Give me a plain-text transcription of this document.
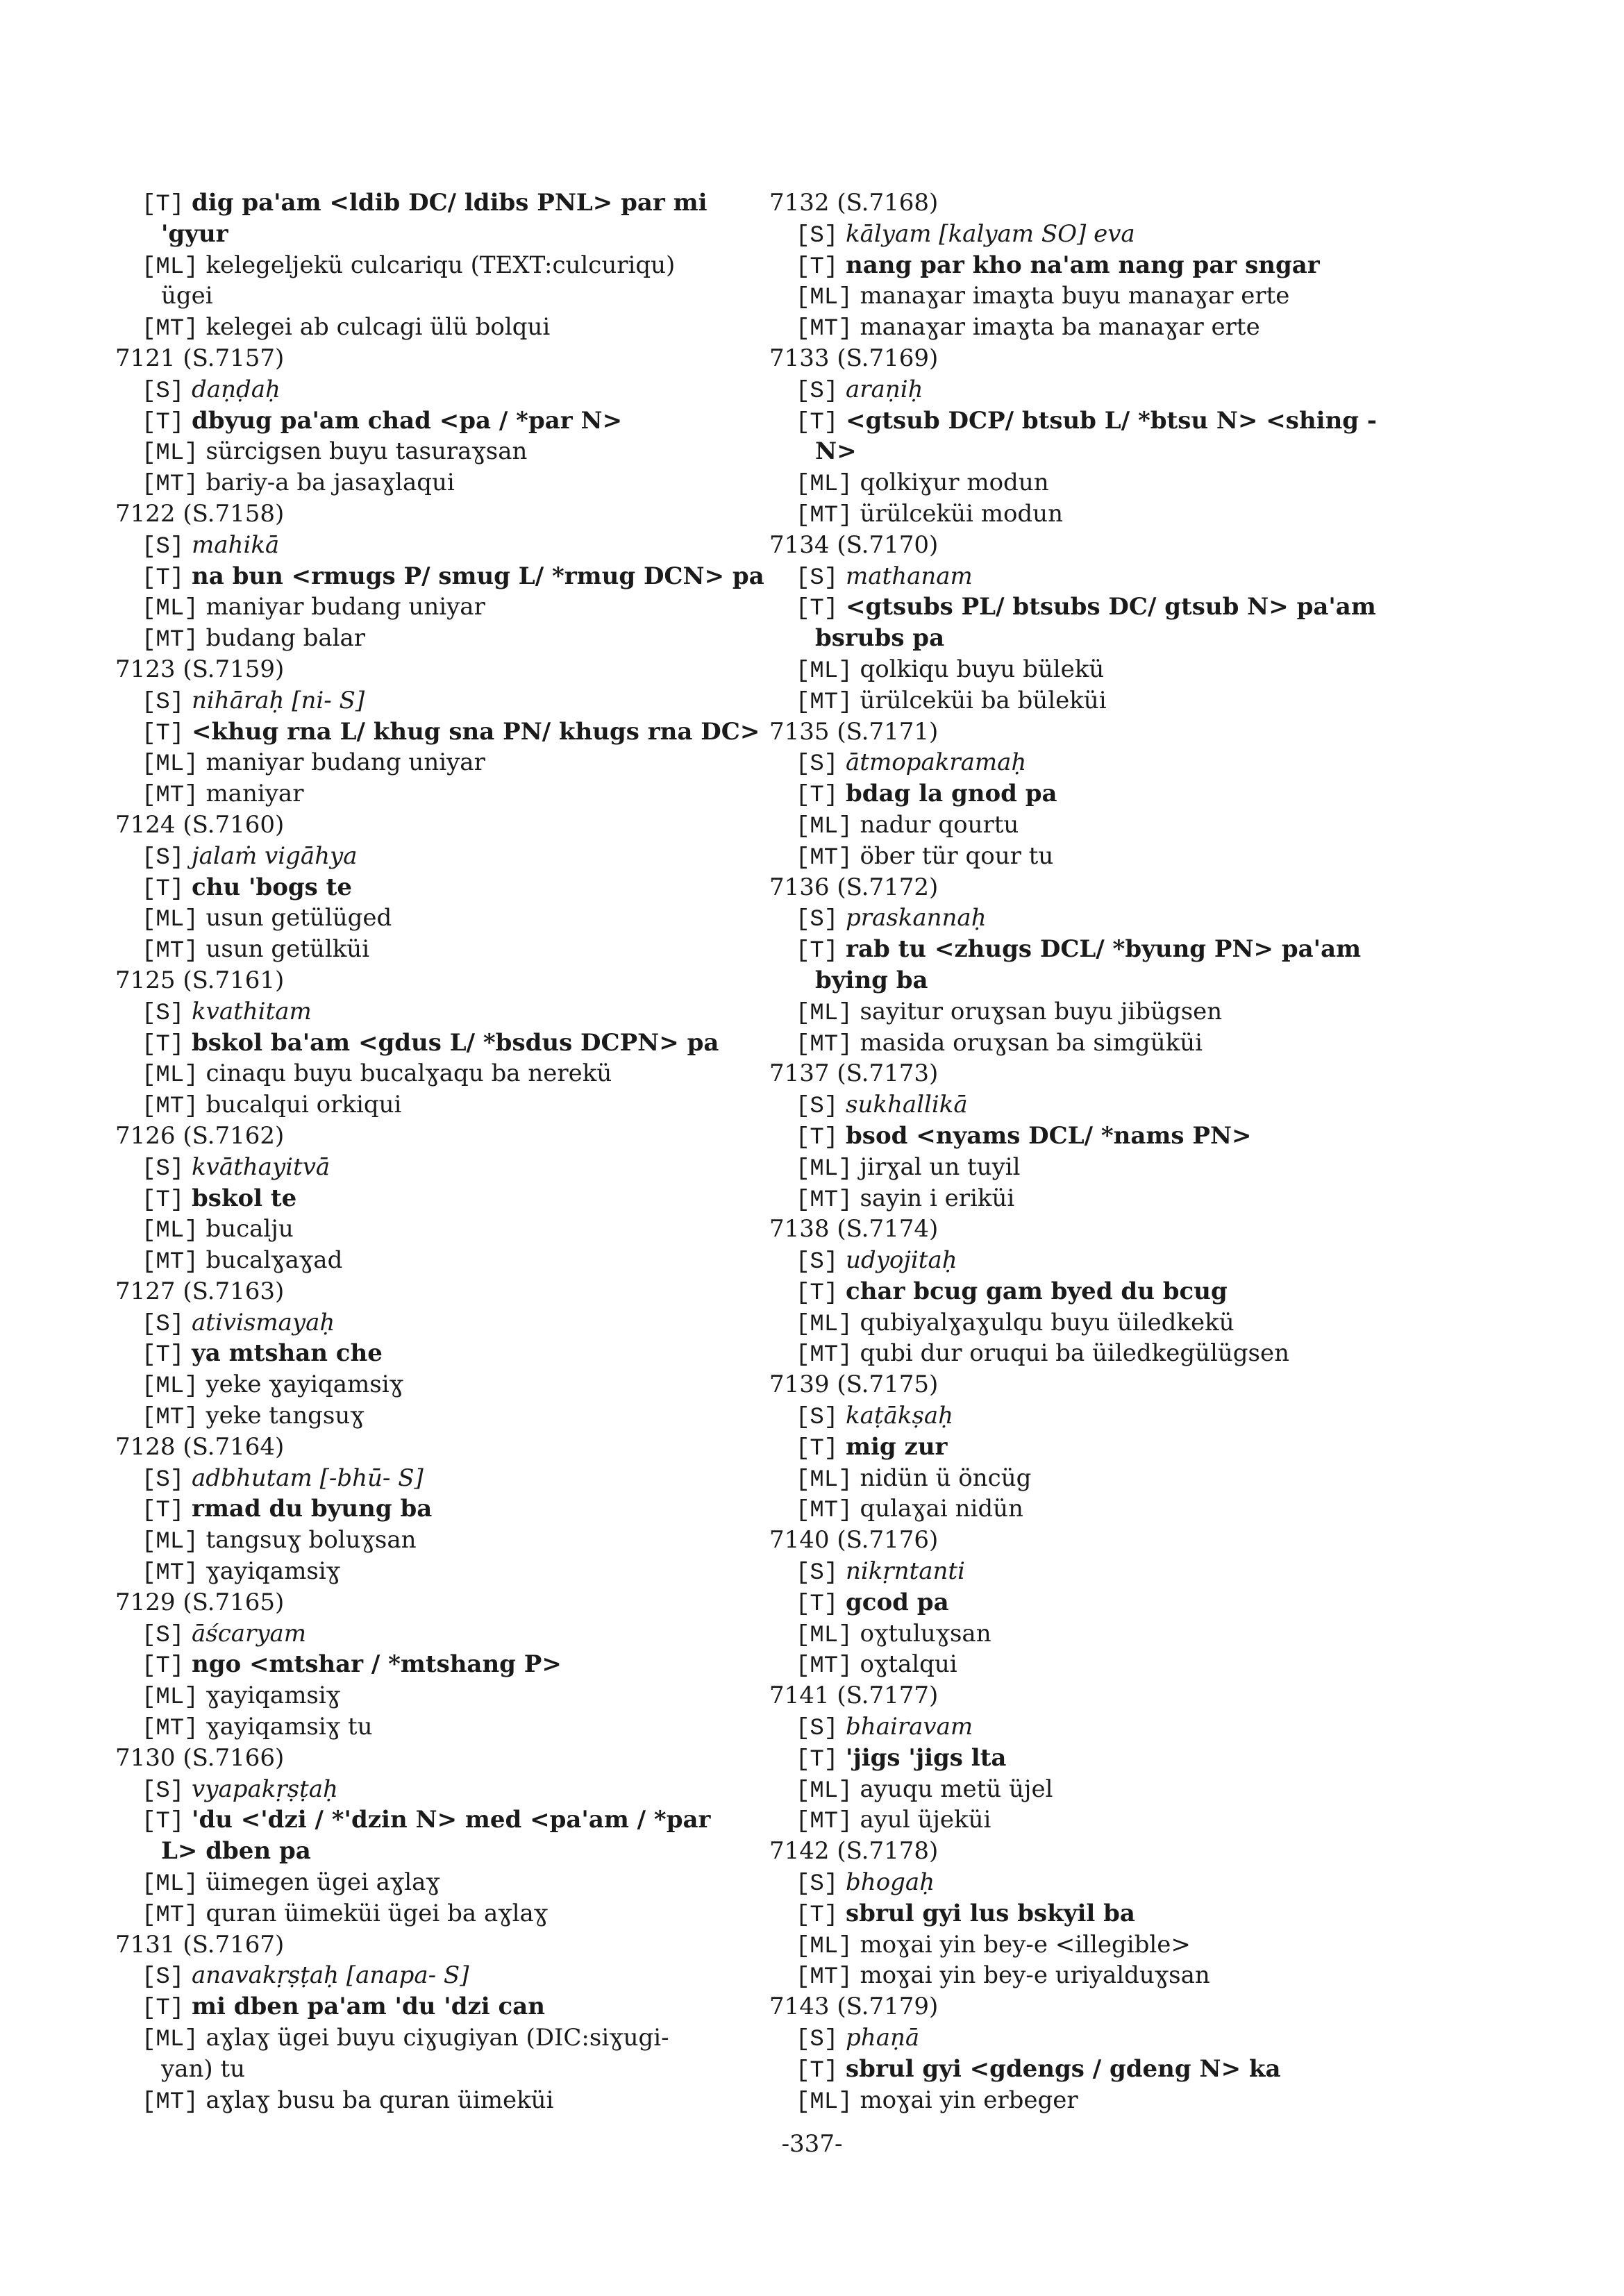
[T] dig pa'am <ldib DC/ ldibs PNL> par mi
'gyur
[ML] kelegeljekü culcariqu (TEXT:culcuriqu)
ügei
[MT] kelegei ab culcagi ülü bolqui
7121 (S.7157)
[S] daṇḍaḥ
[T] dbyug pa'am chad <pa / *par N>
[ML] sürcigsen buyu tasuraɣsan
[MT] bariy-a ba jasaɣlaqui
7122 (S.7158)
[S] mahikā
[T] na bun <rmugs P/ smug L/ *rmug DCN> pa
[ML] maniyar budang uniyar
[MT] budang balar
7123 (S.7159)
[S] nihāraḥ [ni- S]
[T] <khug rna L/ khug sna PN/ khugs rna DC>
[ML] maniyar budang uniyar
[MT] maniyar
7124 (S.7160)
[S] jalaṁ vigāhya
[T] chu 'bogs te
[ML] usun getülüged
[MT] usun getülküi
7125 (S.7161)
[S] kvathitam
[T] bskol ba'am <gdus L/ *bsdus DCPN> pa
[ML] cinaqu buyu bucalɣaqu ba nerekü
[MT] bucalqui orkiqui
7126 (S.7162)
[S] kvāthayitvā
[T] bskol te
[ML] bucalju
[MT] bucalɣaɣad
7127 (S.7163)
[S] ativismayaḥ
[T] ya mtshan che
[ML] yeke ɣayiqamsiɣ
[MT] yeke tangsuɣ
7128 (S.7164)
[S] adbhutam [-bhū- S]
[T] rmad du byung ba
[ML] tangsuɣ boluɣsan
[MT] ɣayiqamsiɣ
7129 (S.7165)
[S] āścaryam
[T] ngo <mtshar / *mtshang P>
[ML] ɣayiqamsiɣ
[MT] ɣayiqamsiɣ tu
7130 (S.7166)
[S] vyapakṛṣṭaḥ
[T] 'du <'dzi / *'dzin N> med <pa'am / *par
L> dben pa
[ML] üimegen ügei aɣlaɣ
[MT] quran üimeküi ügei ba aɣlaɣ
7131 (S.7167)
[S] anavakṛṣṭaḥ [anapa- S]
[T] mi dben pa'am 'du 'dzi can
[ML] aɣlaɣ ügei buyu ciɣugiyan (DIC:siɣugi-
yan) tu
[MT] aɣlaɣ busu ba quran üimeküi
7132 (S.7168)
[S] kālyam [kalyam SO] eva
[T] nang par kho na'am nang par sngar
[ML] manaɣar imaɣta buyu manaɣar erte
[MT] manaɣar imaɣta ba manaɣar erte
7133 (S.7169)
[S] araṇiḥ
[T] <gtsub DCP/ btsub L/ *btsu N> <shing -
N>
[ML] qolkiɣur modun
[MT] ürülceküi modun
7134 (S.7170)
[S] mathanam
[T] <gtsubs PL/ btsubs DC/ gtsub N> pa'am
bsrubs pa
[ML] qolkiqu buyu bülekü
[MT] ürülceküi ba büleküi
7135 (S.7171)
[S] ātmopakramaḥ
[T] bdag la gnod pa
[ML] nadur qourtu
[MT] öber tür qour tu
7136 (S.7172)
[S] praskannaḥ
[T] rab tu <zhugs DCL/ *byung PN> pa'am
bying ba
[ML] sayitur oruɣsan buyu jibügsen
[MT] masida oruɣsan ba simgüküi
7137 (S.7173)
[S] sukhallikā
[T] bsod <nyams DCL/ *nams PN>
[ML] jirɣal un tuyil
[MT] sayin i eriküi
7138 (S.7174)
[S] udyojitaḥ
[T] char bcug gam byed du bcug
[ML] qubiyalɣaɣulqu buyu üiledkekü
[MT] qubi dur oruqui ba üiledkegülügsen
7139 (S.7175)
[S] kaṭākṣaḥ
[T] mig zur
[ML] nidün ü öncüg
[MT] qulaɣai nidün
7140 (S.7176)
[S] nikṛntanti
[T] gcod pa
[ML] oɣtuluɣsan
[MT] oɣtalqui
7141 (S.7177)
[S] bhairavam
[T] 'jigs 'jigs lta
[ML] ayuqu metü üjel
[MT] ayul üjeküi
7142 (S.7178)
[S] bhogaḥ
[T] sbrul gyi lus bskyil ba
[ML] moɣai yin bey-e <illegible>
[MT] moɣai yin bey-e uriyalduɣsan
7143 (S.7179)
[S] phaṇā
[T] sbrul gyi <gdengs / gdeng N> ka
[ML] moɣai yin erbeger
-337-
